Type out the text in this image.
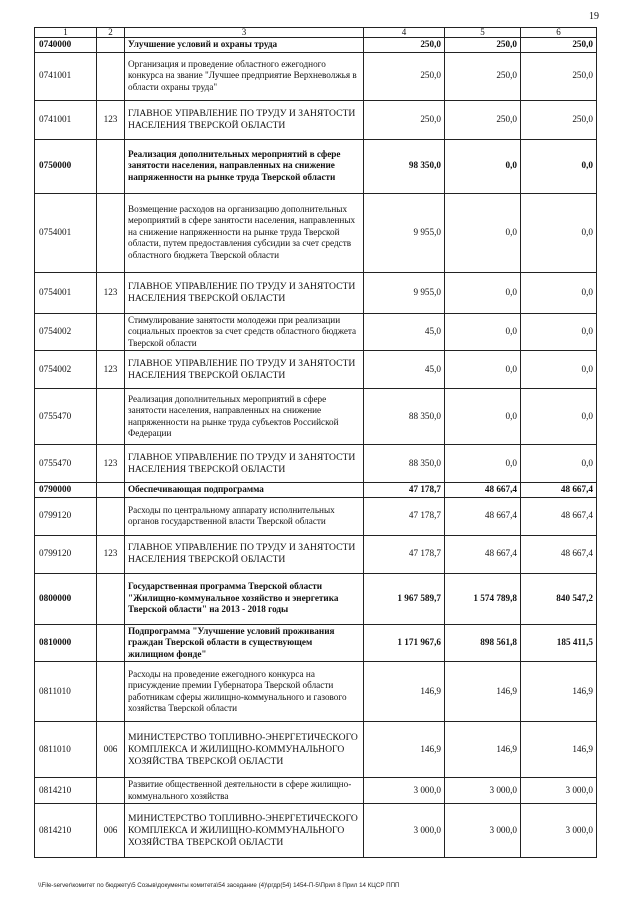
19
1	2	3	4	5	6
0740000		Улучшение условий и охраны труда	250,0	250,0	250,0
0741001		Организация и проведение областного ежегодного конкурса на звание "Лучшее предприятие Верхневолжья в области охраны труда"	250,0	250,0	250,0
0741001	123	ГЛАВНОЕ УПРАВЛЕНИЕ ПО ТРУДУ И ЗАНЯТОСТИ НАСЕЛЕНИЯ ТВЕРСКОЙ ОБЛАСТИ	250,0	250,0	250,0
0750000		Реализация дополнительных мероприятий в сфере занятости населения, направленных на снижение напряженности на рынке труда Тверской области	98 350,0	0,0	0,0
0754001		Возмещение расходов на организацию дополнительных мероприятий в сфере занятости населения, направленных на снижение напряженности на рынке труда Тверской области, путем предоставления субсидии за счет средств областного бюджета Тверской области	9 955,0	0,0	0,0
0754001	123	ГЛАВНОЕ УПРАВЛЕНИЕ ПО ТРУДУ И ЗАНЯТОСТИ НАСЕЛЕНИЯ ТВЕРСКОЙ ОБЛАСТИ	9 955,0	0,0	0,0
0754002		Стимулирование занятости молодежи при реализации социальных проектов за счет средств областного бюджета Тверской области	45,0	0,0	0,0
0754002	123	ГЛАВНОЕ УПРАВЛЕНИЕ ПО ТРУДУ И ЗАНЯТОСТИ НАСЕЛЕНИЯ ТВЕРСКОЙ ОБЛАСТИ	45,0	0,0	0,0
0755470		Реализация дополнительных мероприятий в сфере занятости населения, направленных на снижение напряженности на рынке труда субъектов Российской Федерации	88 350,0	0,0	0,0
0755470	123	ГЛАВНОЕ УПРАВЛЕНИЕ ПО ТРУДУ И ЗАНЯТОСТИ НАСЕЛЕНИЯ ТВЕРСКОЙ ОБЛАСТИ	88 350,0	0,0	0,0
0790000		Обеспечивающая подпрограмма	47 178,7	48 667,4	48 667,4
0799120		Расходы по центральному аппарату исполнительных органов государственной власти Тверской области	47 178,7	48 667,4	48 667,4
0799120	123	ГЛАВНОЕ УПРАВЛЕНИЕ ПО ТРУДУ И ЗАНЯТОСТИ НАСЕЛЕНИЯ ТВЕРСКОЙ ОБЛАСТИ	47 178,7	48 667,4	48 667,4
0800000		Государственная программа Тверской области "Жилищно-коммунальное хозяйство и энергетика Тверской области" на 2013 - 2018 годы	1 967 589,7	1 574 789,8	840 547,2
0810000		Подпрограмма "Улучшение условий проживания граждан Тверской области в существующем жилищном фонде"	1 171 967,6	898 561,8	185 411,5
0811010		Расходы на проведение ежегодного конкурса на присуждение премии Губернатора Тверской области работникам сферы жилищно-коммунального и газового хозяйства Тверской области	146,9	146,9	146,9
0811010	006	МИНИСТЕРСТВО ТОПЛИВНО-ЭНЕРГЕТИЧЕСКОГО КОМПЛЕКСА И ЖИЛИЩНО-КОММУНАЛЬНОГО ХОЗЯЙСТВА ТВЕРСКОЙ ОБЛАСТИ	146,9	146,9	146,9
0814210		Развитие общественной деятельности в сфере жилищно-коммунального хозяйства	3 000,0	3 000,0	3 000,0
0814210	006	МИНИСТЕРСТВО ТОПЛИВНО-ЭНЕРГЕТИЧЕСКОГО КОМПЛЕКСА И ЖИЛИЩНО-КОММУНАЛЬНОГО ХОЗЯЙСТВА ТВЕРСКОЙ ОБЛАСТИ	3 000,0	3 000,0	3 000,0
\\File-server\комитет по бюджету\5 Созыв\документы комитета\54 заседание (4)\ргдр(54) 1454-П-5\Прил 8 Прил 14 КЦСР ППП
